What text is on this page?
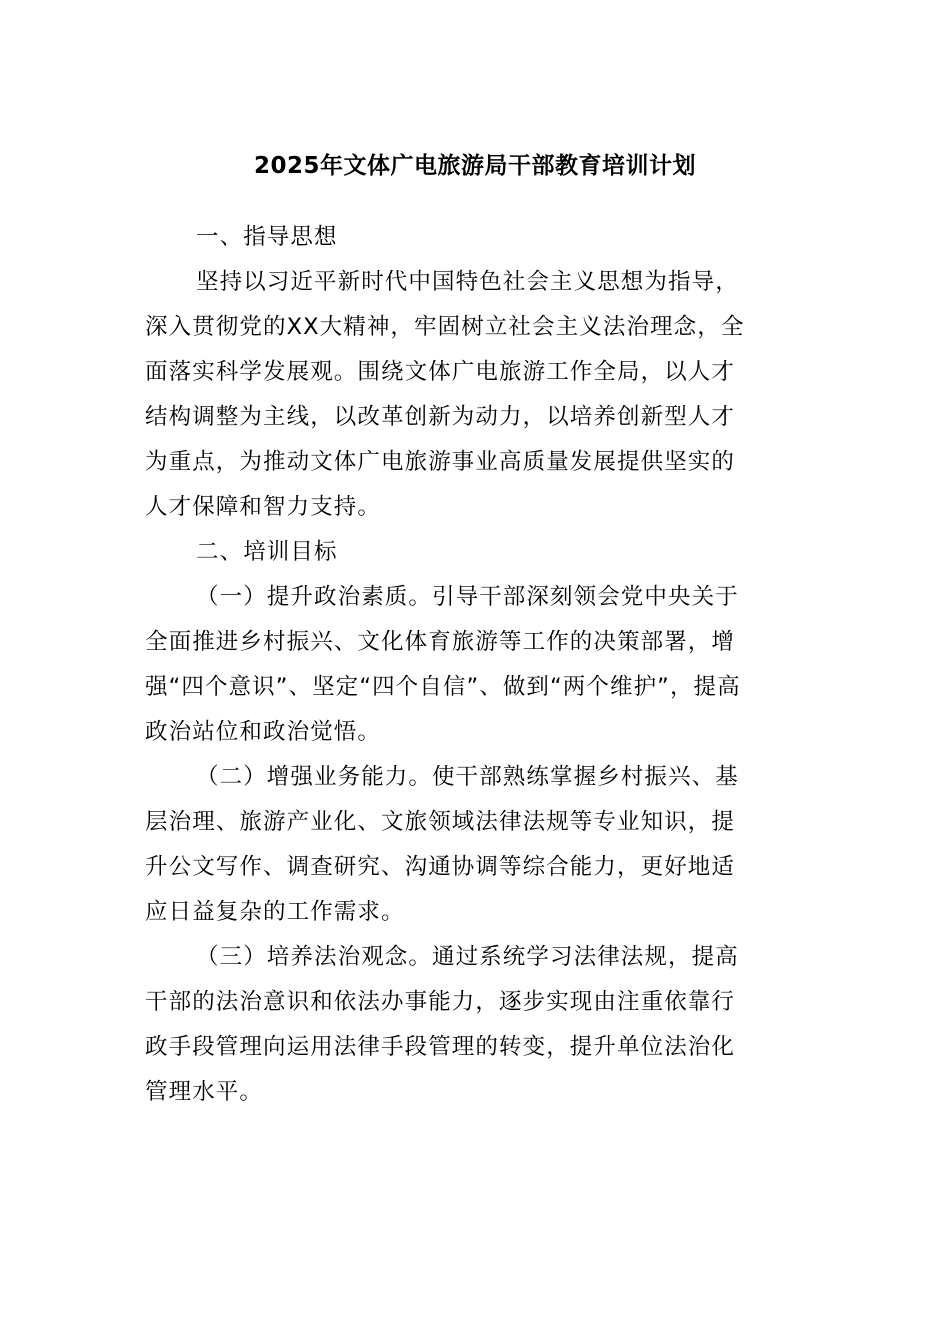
2025年文体广电旅游局干部教育培训计划
一、指导思想
坚持以习近平新时代中国特色社会主义思想为指导，
深入贯彻党的XX大精神，牢固树立社会主义法治理念，全
面落实科学发展观。围绕文体广电旅游工作全局，以人才
结构调整为主线，以改革创新为动力，以培养创新型人才
为重点，为推动文体广电旅游事业高质量发展提供坚实的
人才保障和智力支持。
二、培训目标
（一）提升政治素质。引导干部深刻领会党中央关于
全面推进乡村振兴、文化体育旅游等工作的决策部署，增
强“四个意识”、坚定“四个自信”、做到“两个维护”，提高
政治站位和政治觉悟。
（二）增强业务能力。使干部熟练掌握乡村振兴、基
层治理、旅游产业化、文旅领域法律法规等专业知识，提
升公文写作、调查研究、沟通协调等综合能力，更好地适
应日益复杂的工作需求。
（三）培养法治观念。通过系统学习法律法规，提高
干部的法治意识和依法办事能力，逐步实现由注重依靠行
政手段管理向运用法律手段管理的转变，提升单位法治化
管理水平。
